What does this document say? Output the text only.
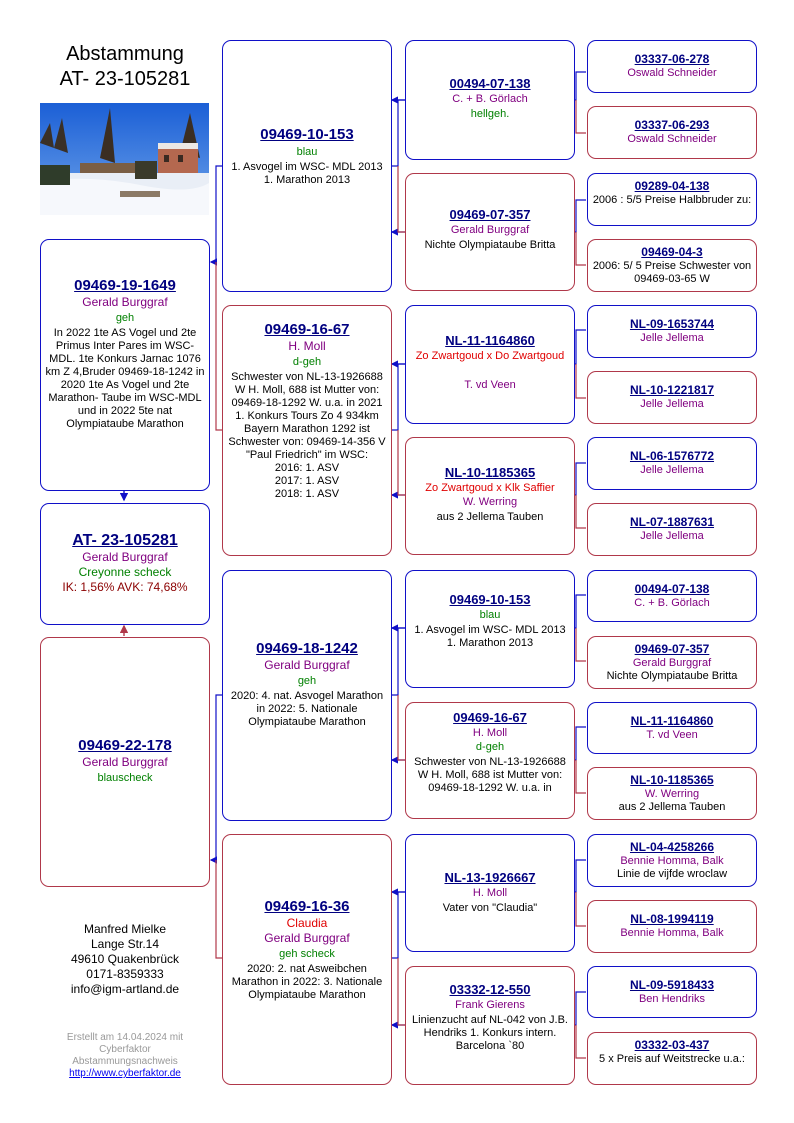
Abstammung
AT- 23-105281
09469-19-1649
Gerald Burggraf
geh
In 2022 1te AS Vogel und 2te Primus Inter Pares im WSC-MDL. 1te Konkurs Jarnac 1076 km Z 4,Bruder 09469-18-1242 in 2020 1te As Vogel und 2te Marathon- Taube im WSC-MDL und in 2022 5te nat Olympiataube Marathon
AT- 23-105281
Gerald Burggraf
Creyonne scheck
IK: 1,56% AVK: 74,68%
09469-22-178
Gerald Burggraf
blauscheck
Manfred Mielke
Lange Str.14
49610 Quakenbrück
0171-8359333
info@igm-artland.de
Erstellt am 14.04.2024 mit
Cyberfaktor
Abstammungsnachweis
http://www.cyberfaktor.de
09469-10-153
blau
1. Asvogel im WSC- MDL 2013 1. Marathon 2013
09469-16-67
H. Moll
d-geh
Schwester von NL-13-1926688 W H. Moll, 688 ist Mutter von: 09469-18-1292 W. u.a. in 2021 1. Konkurs Tours Zo 4 934km Bayern Marathon 1292 ist Schwester von: 09469-14-356 V "Paul Friedrich" im WSC:
2016: 1. ASV
2017: 1. ASV
2018: 1. ASV
09469-18-1242
Gerald Burggraf
geh
2020: 4. nat. Asvogel Marathon in 2022: 5. Nationale Olympiataube Marathon
09469-16-36
Claudia
Gerald Burggraf
geh scheck
2020: 2. nat Asweibchen Marathon in 2022: 3. Nationale Olympiataube Marathon
00494-07-138
C. + B. Görlach
hellgeh.
09469-07-357
Gerald Burggraf
Nichte Olympiataube Britta
NL-11-1164860
Zo Zwartgoud x Do Zwartgoud
T. vd Veen
NL-10-1185365
Zo Zwartgoud x Klk Saffier
W. Werring
aus 2 Jellema Tauben
09469-10-153
blau
1. Asvogel im WSC- MDL 2013 1. Marathon 2013
09469-16-67
H. Moll
d-geh
Schwester von NL-13-1926688 W H. Moll, 688 ist Mutter von: 09469-18-1292 W. u.a. in
NL-13-1926667
H. Moll
Vater von "Claudia"
03332-12-550
Frank Gierens
Linienzucht auf NL-042 von J.B. Hendriks 1. Konkurs intern. Barcelona `80
03337-06-278
Oswald Schneider
03337-06-293
Oswald Schneider
09289-04-138
2006 : 5/5 Preise Halbbruder zu:
09469-04-3
2006: 5/ 5 Preise Schwester von 09469-03-65 W
NL-09-1653744
Jelle Jellema
NL-10-1221817
Jelle Jellema
NL-06-1576772
Jelle Jellema
NL-07-1887631
Jelle Jellema
00494-07-138
C. + B. Görlach
09469-07-357
Gerald Burggraf
Nichte Olympiataube Britta
NL-11-1164860
T. vd Veen
NL-10-1185365
W. Werring
aus 2 Jellema Tauben
NL-04-4258266
Bennie Homma, Balk
Linie de vijfde wroclaw
NL-08-1994119
Bennie Homma, Balk
NL-09-5918433
Ben Hendriks
03332-03-437
5 x Preis auf Weitstrecke u.a.:
